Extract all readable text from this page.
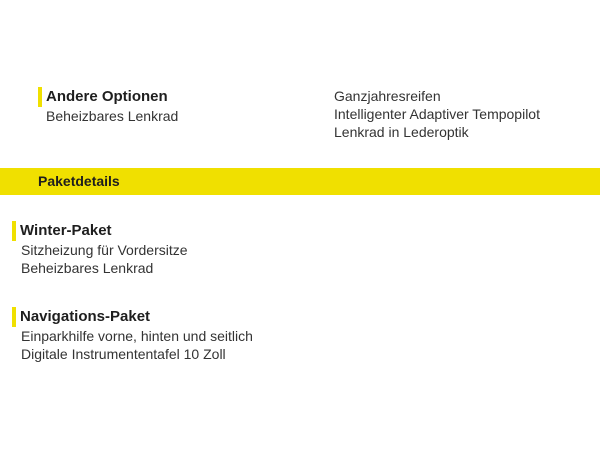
Andere Optionen
Beheizbares Lenkrad
Ganzjahresreifen
Intelligenter Adaptiver Tempopilot
Lenkrad in Lederoptik
Paketdetails
Winter-Paket
Sitzheizung für Vordersitze
Beheizbares Lenkrad
Navigations-Paket
Einparkhilfe vorne, hinten und seitlich
Digitale Instrumententafel 10 Zoll
